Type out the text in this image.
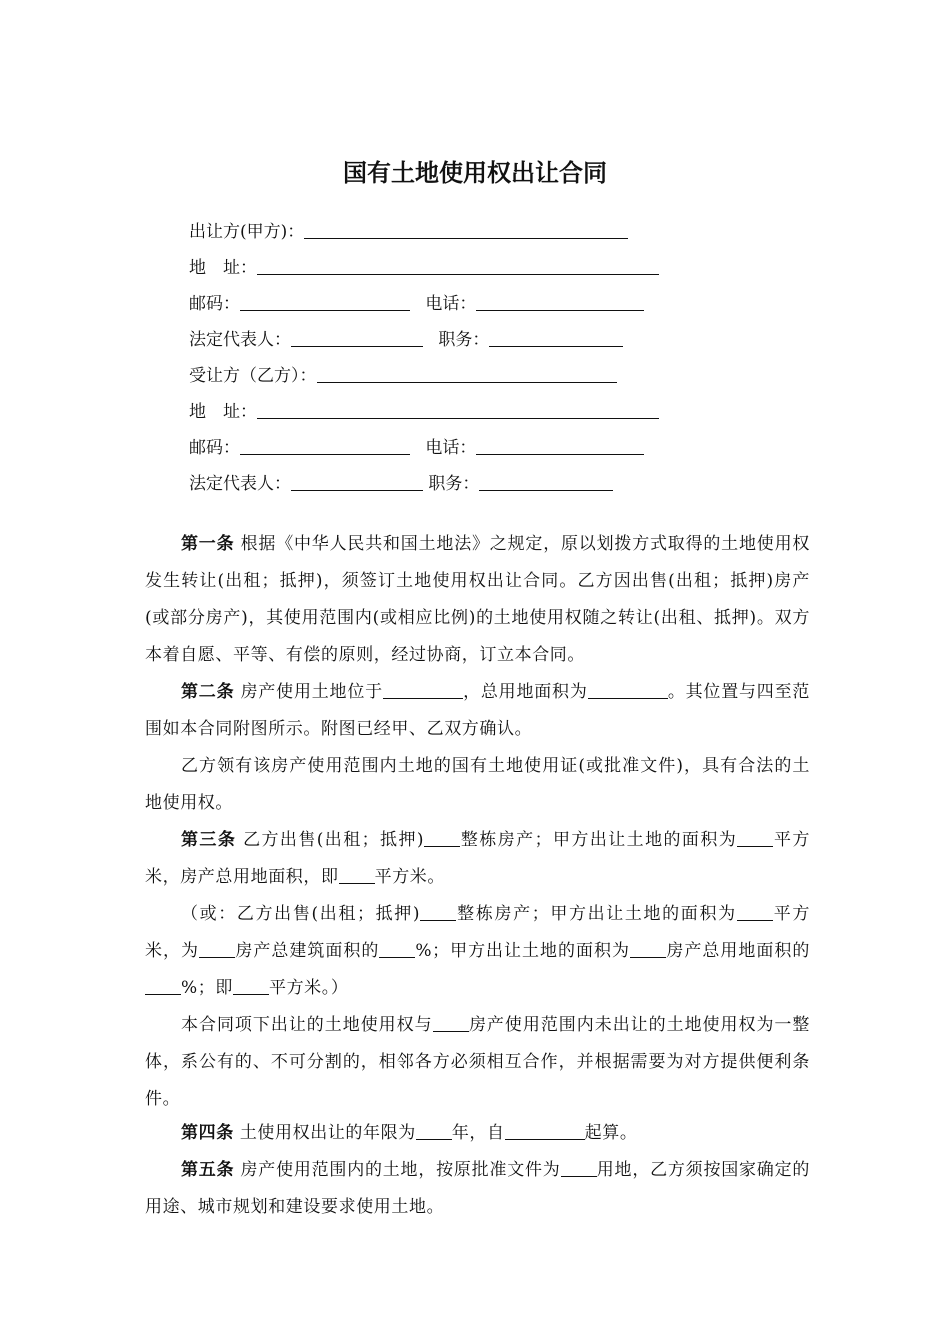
国有土地使用权出让合同
出让方(甲方)：
地　址：
邮码：	电话：
法定代表人：	职务：
受让方（乙方）：
地　址：
邮码：	电话：
法定代表人：	职务：
第一条 根据《中华人民共和国土地法》之规定，原以划拨方式取得的土地使用权发生转让(出租；抵押)，须签订土地使用权出让合同。乙方因出售(出租；抵押)房产(或部分房产)，其使用范围内(或相应比例)的土地使用权随之转让(出租、抵押)。双方本着自愿、平等、有偿的原则，经过协商，订立本合同。
第二条 房产使用土地位于	，总用地面积为	。其位置与四至范围如本合同附图所示。附图已经甲、乙双方确认。
乙方领有该房产使用范围内土地的国有土地使用证(或批准文件)，具有合法的土地使用权。
第三条 乙方出售(出租；抵押) 整栋房产；甲方出让土地的面积为 平方米，房产总用地面积，即 平方米。
（或：乙方出售(出租；抵押) 整栋房产；甲方出让土地的面积为 平方米，为 房产总建筑面积的 %；甲方出让土地的面积为 房产总用地面积的%；即 平方米。）
本合同项下出让的土地使用权与 房产使用范围内未出让的土地使用权为一整体，系公有的、不可分割的，相邻各方必须相互合作，并根据需要为对方提供便利条件。
第四条 土使用权出让的年限为 年，自	起算。
第五条 房产使用范围内的土地，按原批准文件为 用地，乙方须按国家确定的用途、城市规划和建设要求使用土地。
